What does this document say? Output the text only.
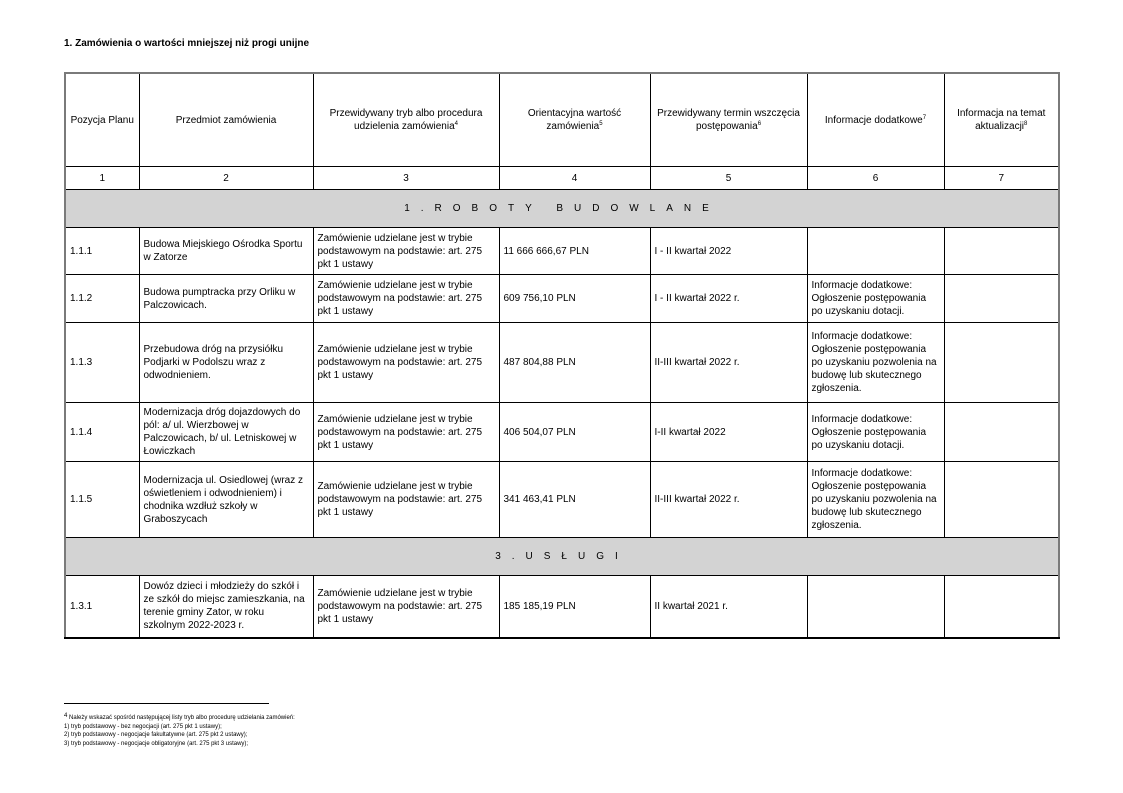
1. Zamówienia o wartości mniejszej niż progi unijne
Pozycja Planu	Przedmiot zamówienia	Przewidywany tryb albo procedura udzielenia zamówienia$^4$	Orientacyjna wartość zamówienia$^5$	Przewidywany termin wszczęcia postępowania$^6$	Informacje dodatkowe$^7$	Informacja na temat aktualizacji$^8$
1	2	3	4	5	6	7
1.ROBOTY BUDOWLANE						
1.1.1	Budowa Miejskiego Ośrodka Sportu w Zatorze	Zamówienie udzielane jest w trybie podstawowym na podstawie: art. 275 pkt 1 ustawy	11 666 666,67 PLN	I - II kwartał 2022		
1.1.2	Budowa pumptracka przy Orliku w Palczowicach.	Zamówienie udzielane jest w trybie podstawowym na podstawie: art. 275 pkt 1 ustawy	609 756,10 PLN	I - II kwartał 2022 r.	Informacje dodatkowe: Ogłoszenie postępowania po uzyskaniu dotacji.	
1.1.3	Przebudowa dróg na przysiółku Podjarki w Podolszu wraz z odwodnieniem.	Zamówienie udzielane jest w trybie podstawowym na podstawie: art. 275 pkt 1 ustawy	487 804,88 PLN	II-III kwartał 2022 r.	Informacje dodatkowe: Ogłoszenie postępowania po uzyskaniu pozwolenia na budowę lub skutecznego zgłoszenia.	
1.1.4	Modernizacja dróg dojazdowych do pól: a/ ul. Wierzbowej w Palczowicach, b/ ul. Letniskowej w Łowiczkach	Zamówienie udzielane jest w trybie podstawowym na podstawie: art. 275 pkt 1 ustawy	406 504,07 PLN	I-II kwartał 2022	Informacje dodatkowe: Ogłoszenie postępowania po uzyskaniu dotacji.	
1.1.5	Modernizacja ul. Osiedlowej (wraz z oświetleniem i odwodnieniem) i chodnika wzdłuż szkoły w Graboszycach	Zamówienie udzielane jest w trybie podstawowym na podstawie: art. 275 pkt 1 ustawy	341 463,41 PLN	II-III kwartał 2022 r.	Informacje dodatkowe: Ogłoszenie postępowania po uzyskaniu pozwolenia na budowę lub skutecznego zgłoszenia.	
3.USŁUGI						
1.3.1	Dowóz dzieci i młodzieży do szkół i ze szkół do miejsc zamieszkania, na terenie gminy Zator, w roku szkolnym 2022-2023 r.	Zamówienie udzielane jest w trybie podstawowym na podstawie: art. 275 pkt 1 ustawy	185 185,19 PLN	II kwartał 2021 r.		
4 Należy wskazać spośród następującej listy tryb albo procedurę udzielania zamówień:
1) tryb podstawowy - bez negocjacji (art. 275 pkt 1 ustawy);
2) tryb podstawowy - negocjacje fakultatywne (art. 275 pkt 2 ustawy);
3) tryb podstawowy - negocjacje obligatoryjne (art. 275 pkt 3 ustawy);
